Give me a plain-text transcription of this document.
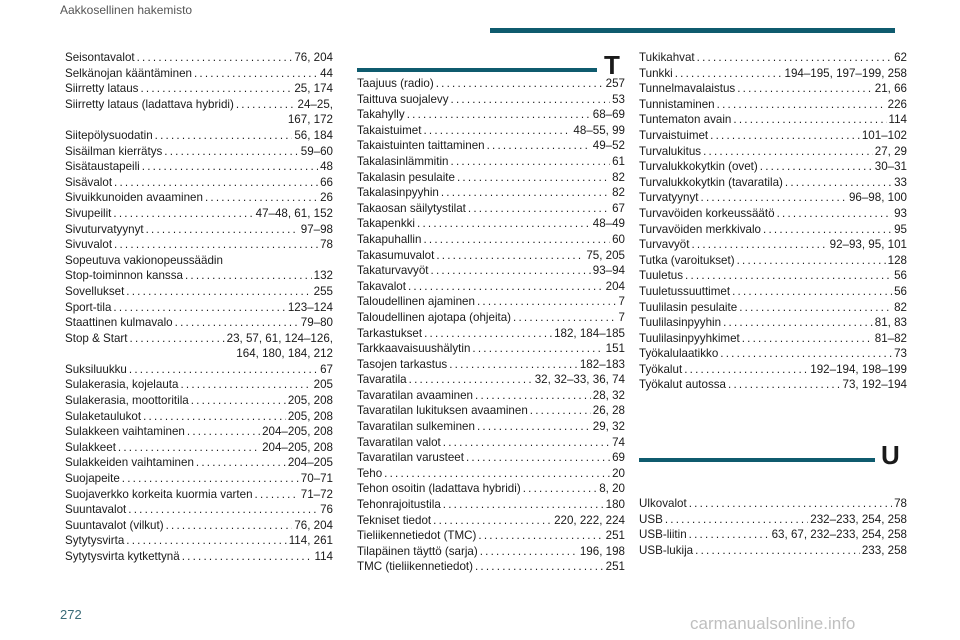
Aakkosellinen hakemisto
Seisontavalot . . .	76, 204
Selkänojan kääntäminen . . .	44
Siirretty lataus . . .	25, 174
Siirretty lataus (ladattava hybridi) . . .	24–25,
167, 172
Siitepölysuodatin . . .	56, 184
Sisäilman kierrätys . . .	59–60
Sisätaustapeili . . .	48
Sisävalot . . .	66
Sivuikkunoiden avaaminen . . .	26
Sivupeilit . . .	47–48, 61, 152
Sivuturvatyynyt . . .	97–98
Sivuvalot . . .	78
Sopeutuva vakionopeussäädin
Stop-toiminnon kanssa . . .	132
Sovellukset . . .	255
Sport-tila . . .	123–124
Staattinen kulmavalo . . .	79–80
Stop & Start . . .	23, 57, 61, 124–126,
164, 180, 184, 212
Suksiluukku . . .	67
Sulakerasia, kojelauta . . .	205
Sulakerasia, moottoritila . . .	205, 208
Sulaketaulukot . . .	205, 208
Sulakkeen vaihtaminen . . .	204–205, 208
Sulakkeet . . .	204–205, 208
Sulakkeiden vaihtaminen . . .	204–205
Suojapeite . . .	70–71
Suojaverkko korkeita kuormia varten . . .	71–72
Suuntavalot . . .	76
Suuntavalot (vilkut) . . .	76, 204
Sytytysvirta . . .	114, 261
Sytytysvirta kytkettynä . . .	114
T
Taajuus (radio) . . .	257
Taittuva suojalevy . . .	53
Takahylly . . .	68–69
Takaistuimet . . .	48–55, 99
Takaistuinten taittaminen . . .	49–52
Takalasinlämmitin . . .	61
Takalasin pesulaite . . .	82
Takalasinpyyhin . . .	82
Takaosan säilytystilat . . .	67
Takapenkki . . .	48–49
Takapuhallin . . .	60
Takasumuvalot . . .	75, 205
Takaturvavyöt . . .	93–94
Takavalot . . .	204
Taloudellinen ajaminen . . .	7
Taloudellinen ajotapa (ohjeita) . . .	7
Tarkastukset . . .	182, 184–185
Tarkkaavaisuushälytin . . .	151
Tasojen tarkastus . . .	182–183
Tavaratila . . .	32, 32–33, 36, 74
Tavaratilan avaaminen . . .	28, 32
Tavaratilan lukituksen avaaminen . . .	26, 28
Tavaratilan sulkeminen . . .	29, 32
Tavaratilan valot . . .	74
Tavaratilan varusteet . . .	69
Teho . . .	20
Tehon osoitin (ladattava hybridi) . . .	8, 20
Tehonrajoitustila . . .	180
Tekniset tiedot . . .	220, 222, 224
Tieliikennetiedot (TMC) . . .	251
Tilapäinen täyttö (sarja) . . .	196, 198
TMC (tieliikennetiedot) . . .	251
Tukikahvat . . .	62
Tunkki . . .	194–195, 197–199, 258
Tunnelmavalaistus . . .	21, 66
Tunnistaminen . . .	226
Tuntematon avain . . .	114
Turvaistuimet . . .	101–102
Turvalukitus . . .	27, 29
Turvalukkokytkin (ovet) . . .	30–31
Turvalukkokytkin (tavaratila) . . .	33
Turvatyynyt . . .	96–98, 100
Turvavöiden korkeussäätö . . .	93
Turvavöiden merkkivalo . . .	95
Turvavyöt . . .	92–93, 95, 101
Tutka (varoitukset) . . .	128
Tuuletus . . .	56
Tuuletussuuttimet . . .	56
Tuulilasin pesulaite . . .	82
Tuulilasinpyyhin . . .	81, 83
Tuulilasinpyyhkimet . . .	81–82
Työkalulaatikko . . .	73
Työkalut . . .	192–194, 198–199
Työkalut autossa . . .	73, 192–194
U
Ulkovalot . . .	78
USB . . .	232–233, 254, 258
USB-liitin . . .	63, 67, 232–233, 254, 258
USB-lukija . . .	233, 258
272	carmanualsonline.info
